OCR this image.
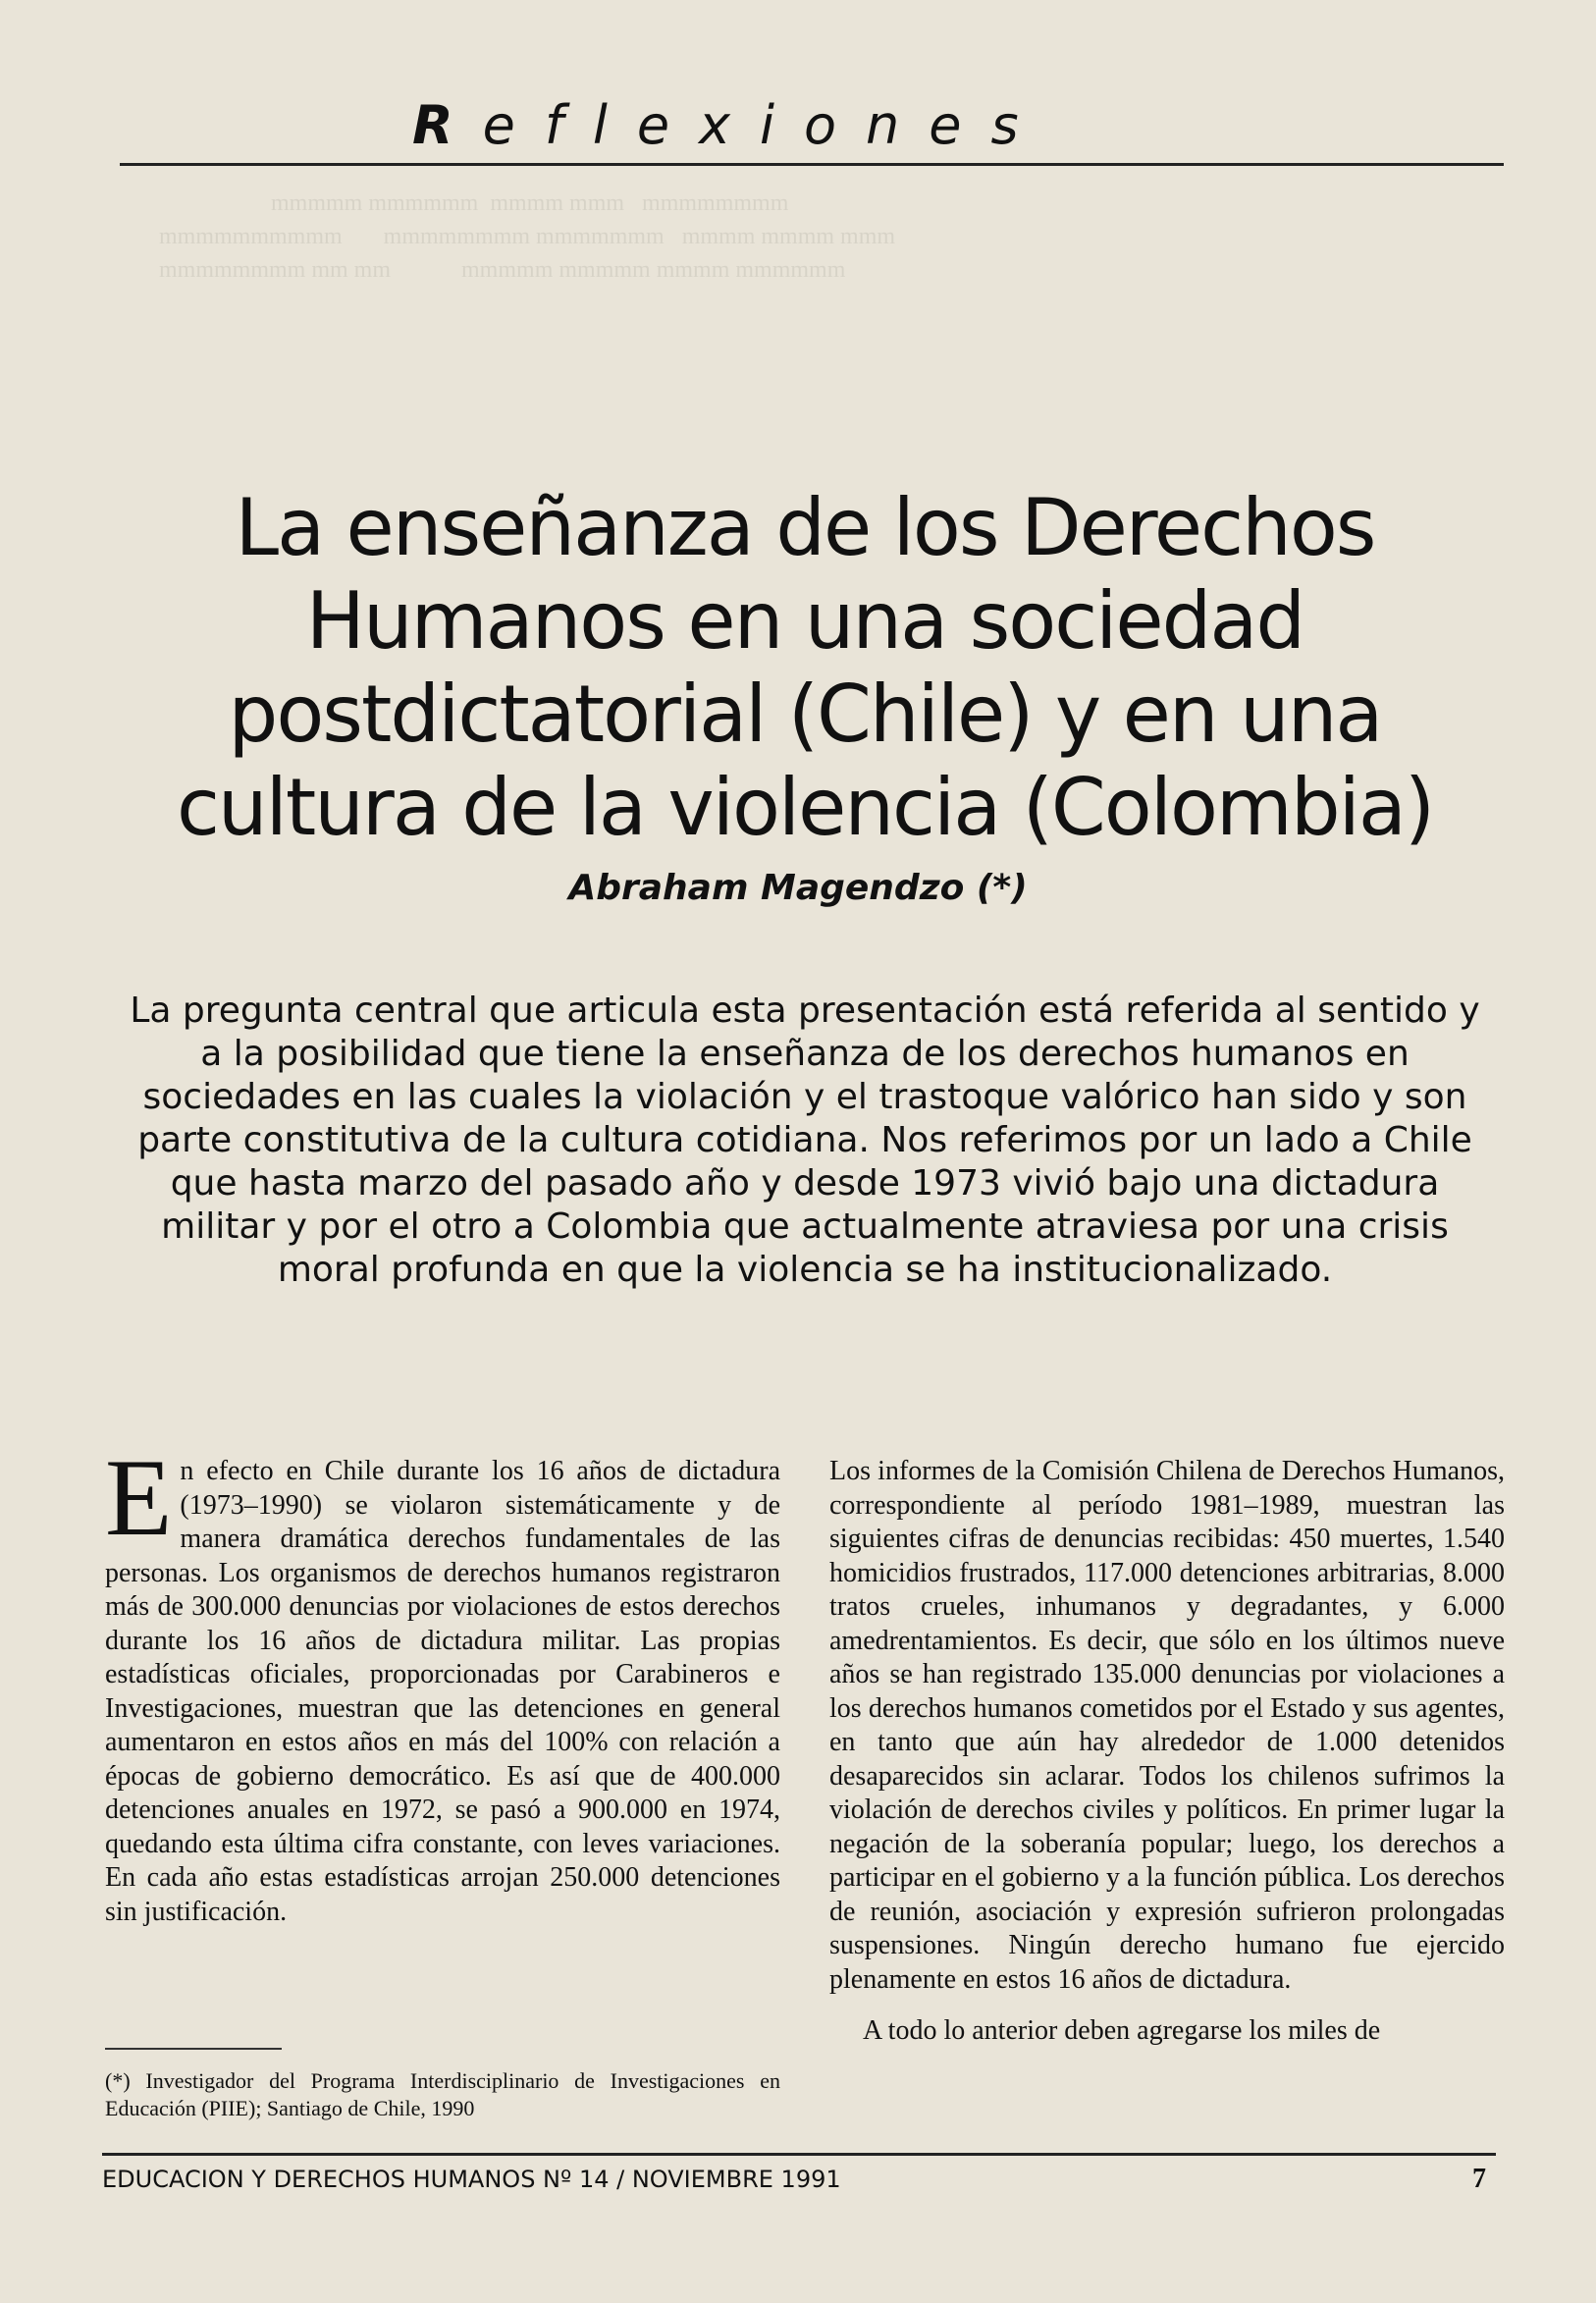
mmmmm mmmmmm  mmmm mmm   mmmmmmmm
mmmmmmmmmm       mmmmmmmm mmmmmmm   mmmm mmmm mmm
mmmmmmmm mm mm            mmmmm mmmmm mmmm mmmmmm
Reflexiones
La enseñanza de los Derechos Humanos en una sociedad postdictatorial (Chile) y en una cultura de la violencia (Colombia)
Abraham Magendzo (*)
La pregunta central que articula esta presentación está referida al sentido y a la posibilidad que tiene la enseñanza de los derechos humanos en sociedades en las cuales la violación y el trastoque valórico han sido y son parte constitutiva de la cultura cotidiana. Nos referimos por un lado a Chile que hasta marzo del pasado año y desde 1973 vivió bajo una dictadura militar y por el otro a Colombia que actualmente atraviesa por una crisis moral profunda en que la violencia se ha institucionalizado.

En efecto en Chile durante los 16 años de dictadura (1973–1990) se violaron sistemáticamente y de manera dramática derechos fundamentales de las personas. Los organismos de derechos humanos registraron más de 300.000 denuncias por violaciones de estos derechos durante los 16 años de dictadura militar. Las propias estadísticas oficiales, proporcionadas por Carabineros e Investigaciones, muestran que las detenciones en general aumentaron en estos años en más del 100% con relación a épocas de gobierno democrático. Es así que de 400.000 detenciones anuales en 1972, se pasó a 900.000 en 1974, quedando esta última cifra constante, con leves variaciones. En cada año estas estadísticas arrojan 250.000 detenciones sin justificación.

(*) Investigador del Programa Interdisciplinario de Investigaciones en Educación (PIIE); Santiago de Chile, 1990

Los informes de la Comisión Chilena de Derechos Humanos, correspondiente al período 1981–1989, muestran las siguientes cifras de denuncias recibidas: 450 muertes, 1.540 homicidios frustrados, 117.000 detenciones arbitrarias, 8.000 tratos crueles, inhumanos y degradantes, y 6.000 amedrentamientos. Es decir, que sólo en los últimos nueve años se han registrado 135.000 denuncias por violaciones a los derechos humanos cometidos por el Estado y sus agentes, en tanto que aún hay alrededor de 1.000 detenidos desaparecidos sin aclarar. Todos los chilenos sufrimos la violación de derechos civiles y políticos. En primer lugar la negación de la soberanía popular; luego, los derechos a participar en el gobierno y a la función pública. Los derechos de reunión, asociación y expresión sufrieron prolongadas suspensiones. Ningún derecho humano fue ejercido plenamente en estos 16 años de dictadura.

A todo lo anterior deben agregarse los miles de

EDUCACION Y DERECHOS HUMANOS Nº 14 / NOVIEMBRE 1991	7
